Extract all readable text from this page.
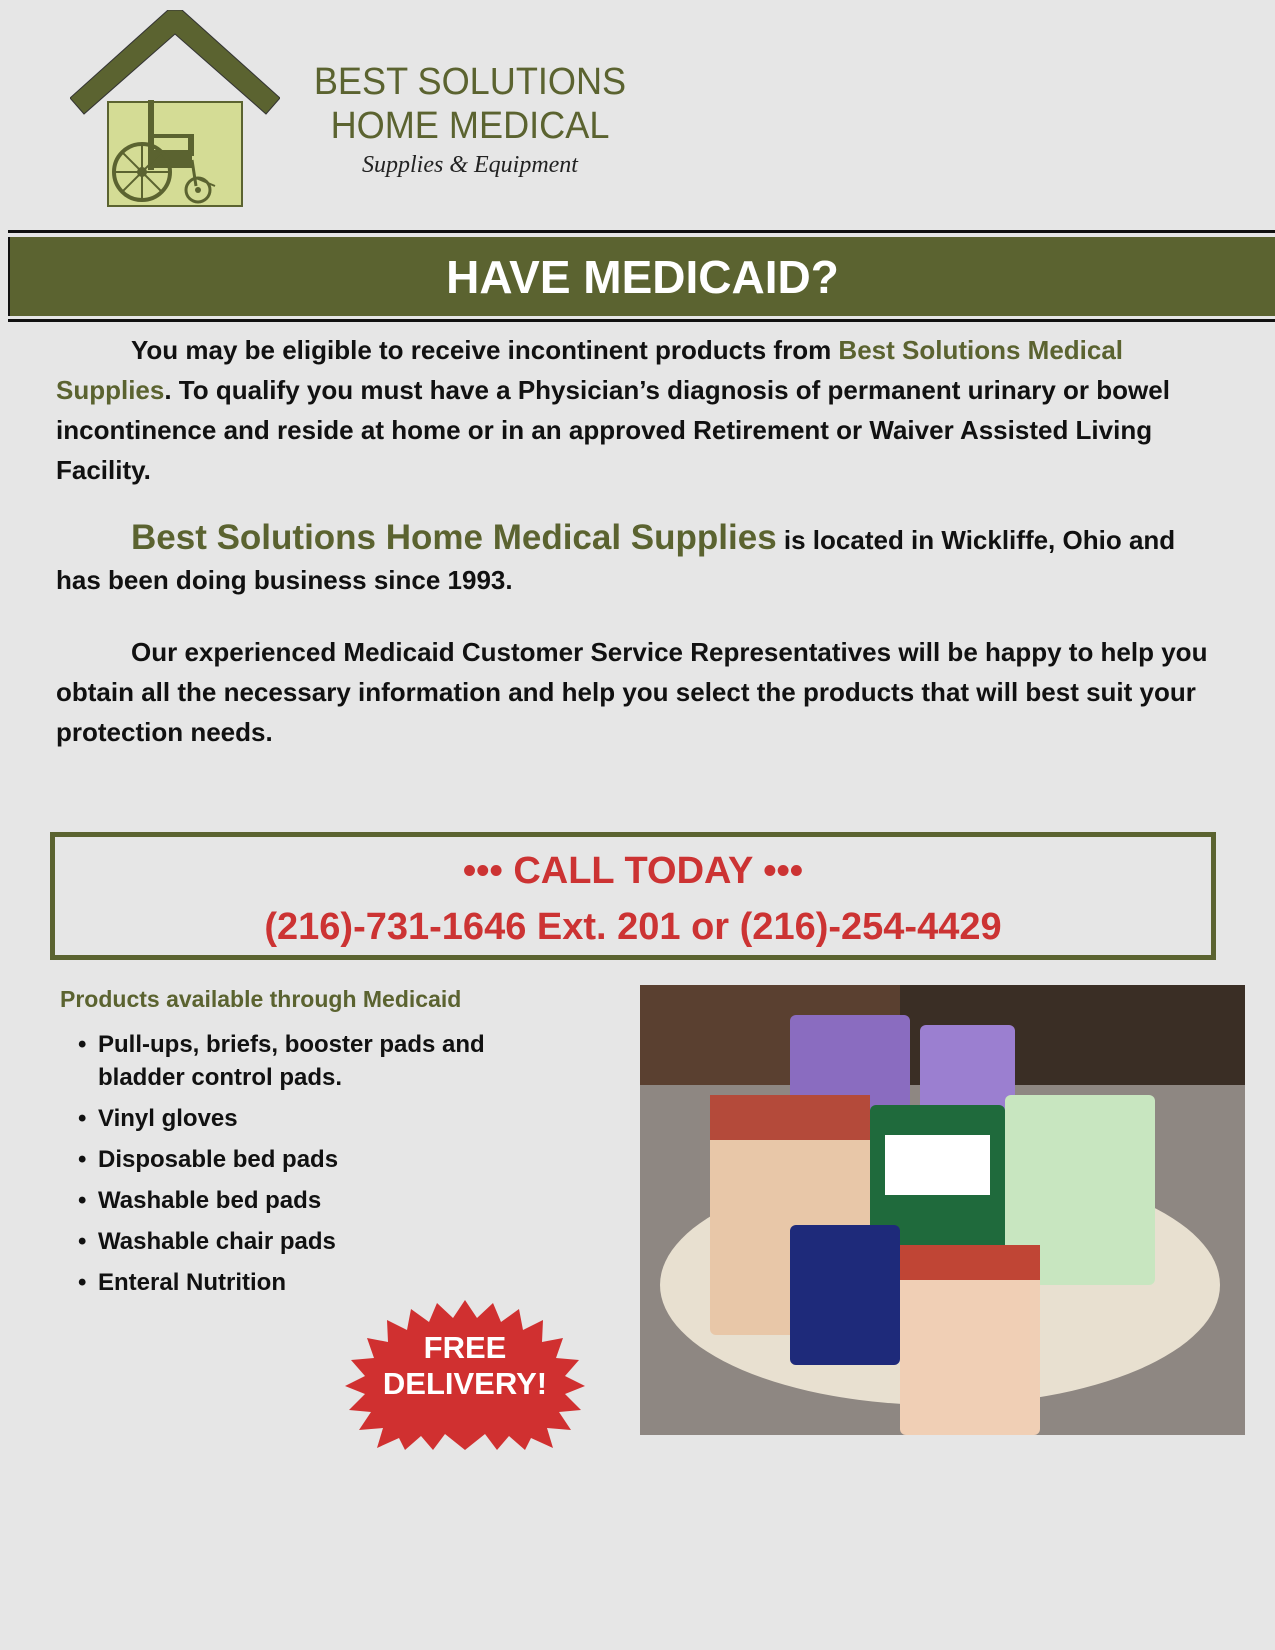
BEST SOLUTIONS
HOME MEDICAL
Supplies & Equipment
HAVE MEDICAID?
You may be eligible to receive incontinent products from Best Solutions Medical Supplies. To qualify you must have a Physician’s diagnosis of permanent urinary or bowel incontinence and reside at home or in an approved Retirement or Waiver Assisted Living Facility.
Best Solutions Home Medical Supplies is located in Wickliffe, Ohio and has been doing business since 1993.
Our experienced Medicaid Customer Service Representatives will be happy to help you obtain all the necessary information and help you select the products that will best suit your protection needs.
••• CALL TODAY •••
(216)-731-1646 Ext. 201 or (216)-254-4429
Products available through Medicaid
• Pull-ups, briefs, booster pads and bladder control pads.
• Vinyl gloves
• Disposable bed pads
• Washable bed pads
• Washable chair pads
• Enteral Nutrition
FREE
DELIVERY!
